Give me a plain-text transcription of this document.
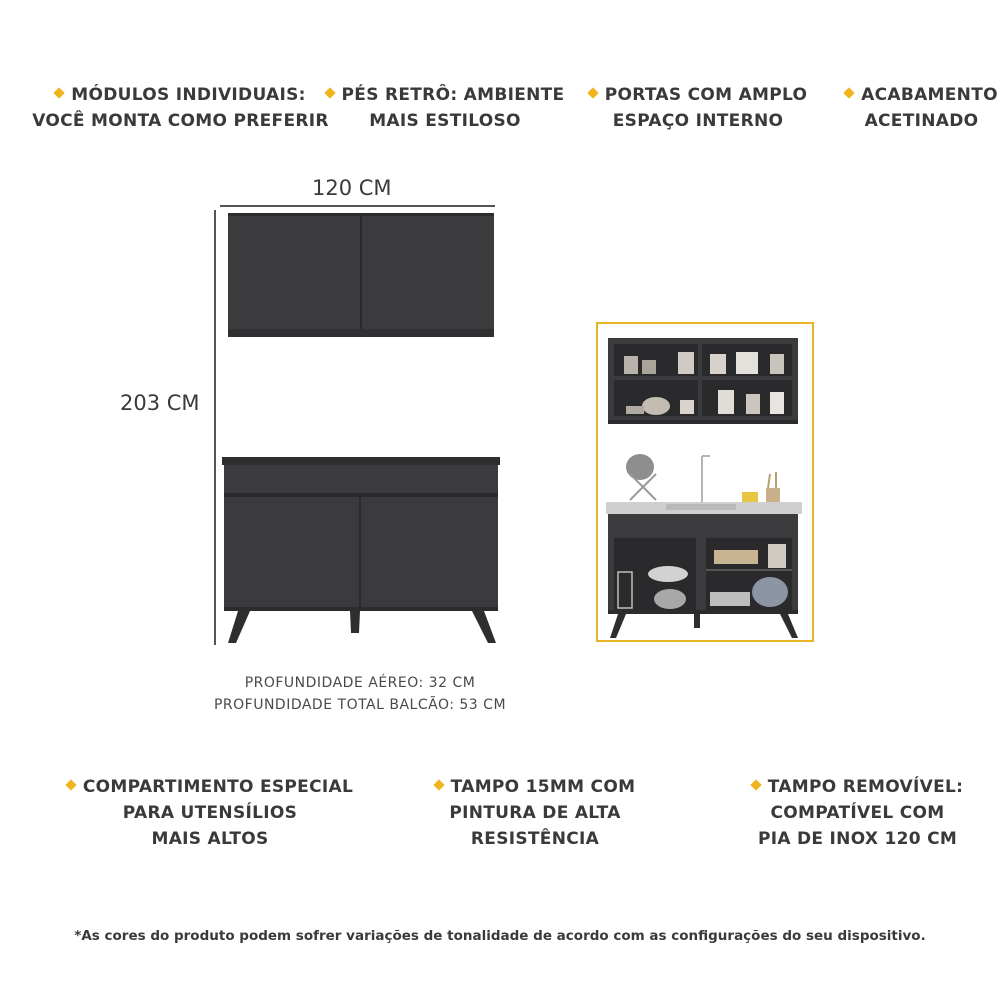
MÓDULOS INDIVIDUAIS:
VOCÊ MONTA COMO PREFERIR
PÉS RETRÔ: AMBIENTE
MAIS ESTILOSO
PORTAS COM AMPLO
ESPAÇO INTERNO
ACABAMENTO
ACETINADO
120 CM
203 CM
PROFUNDIDADE AÉREO: 32 CM
PROFUNDIDADE TOTAL BALCÃO: 53 CM
COMPARTIMENTO ESPECIAL
PARA UTENSÍLIOS
MAIS ALTOS
TAMPO 15MM COM
PINTURA DE ALTA
RESISTÊNCIA
TAMPO REMOVÍVEL:
COMPATÍVEL COM
PIA DE INOX 120 CM
*As cores do produto podem sofrer variações de tonalidade de acordo com as configurações do seu dispositivo.
